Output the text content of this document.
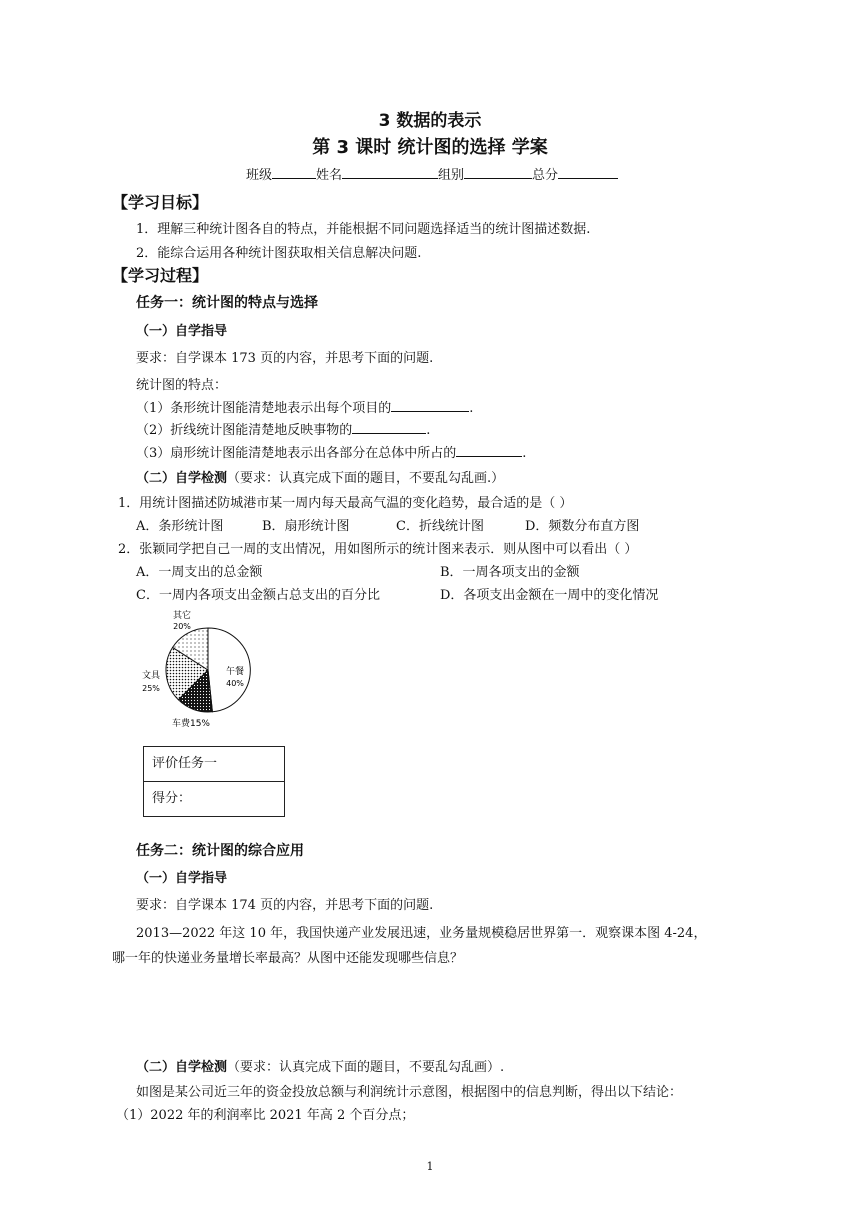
3 数据的表示
第 3 课时 统计图的选择 学案
班级	姓名	组别	总分
【学习目标】
1．理解三种统计图各自的特点，并能根据不同问题选择适当的统计图描述数据.
2．能综合运用各种统计图获取相关信息解决问题.
【学习过程】
任务一：统计图的特点与选择
（一）自学指导
要求：自学课本 173 页的内容，并思考下面的问题.
统计图的特点：
（1）条形统计图能清楚地表示出每个项目的	.
（2）折线统计图能清楚地反映事物的	.
（3）扇形统计图能清楚地表示出各部分在总体中所占的	.
（二）自学检测（要求：认真完成下面的题目，不要乱勾乱画.）
1．用统计图描述防城港市某一周内每天最高气温的变化趋势，最合适的是（ ）
A．条形统计图	B．扇形统计图	C．折线统计图	D．频数分布直方图
2．张颖同学把自己一周的支出情况，用如图所示的统计图来表示．则从图中可以看出（ ）
A．一周支出的总金额	B．一周各项支出的金额
C．一周内各项支出金额占总支出的百分比	D．各项支出金额在一周中的变化情况
其它
20%
午餐
40%
文具
25%
车费15%
评价任务一
得分：
任务二：统计图的综合应用
（一）自学指导
要求：自学课本 174 页的内容，并思考下面的问题.
2013—2022 年这 10 年，我国快递产业发展迅速，业务量规模稳居世界第一．观察课本图 4-24，
哪一年的快递业务量增长率最高？从图中还能发现哪些信息？
（二）自学检测（要求：认真完成下面的题目，不要乱勾乱画）.
如图是某公司近三年的资金投放总额与利润统计示意图，根据图中的信息判断，得出以下结论：
（1）2022 年的利润率比 2021 年高 2 个百分点；
1
